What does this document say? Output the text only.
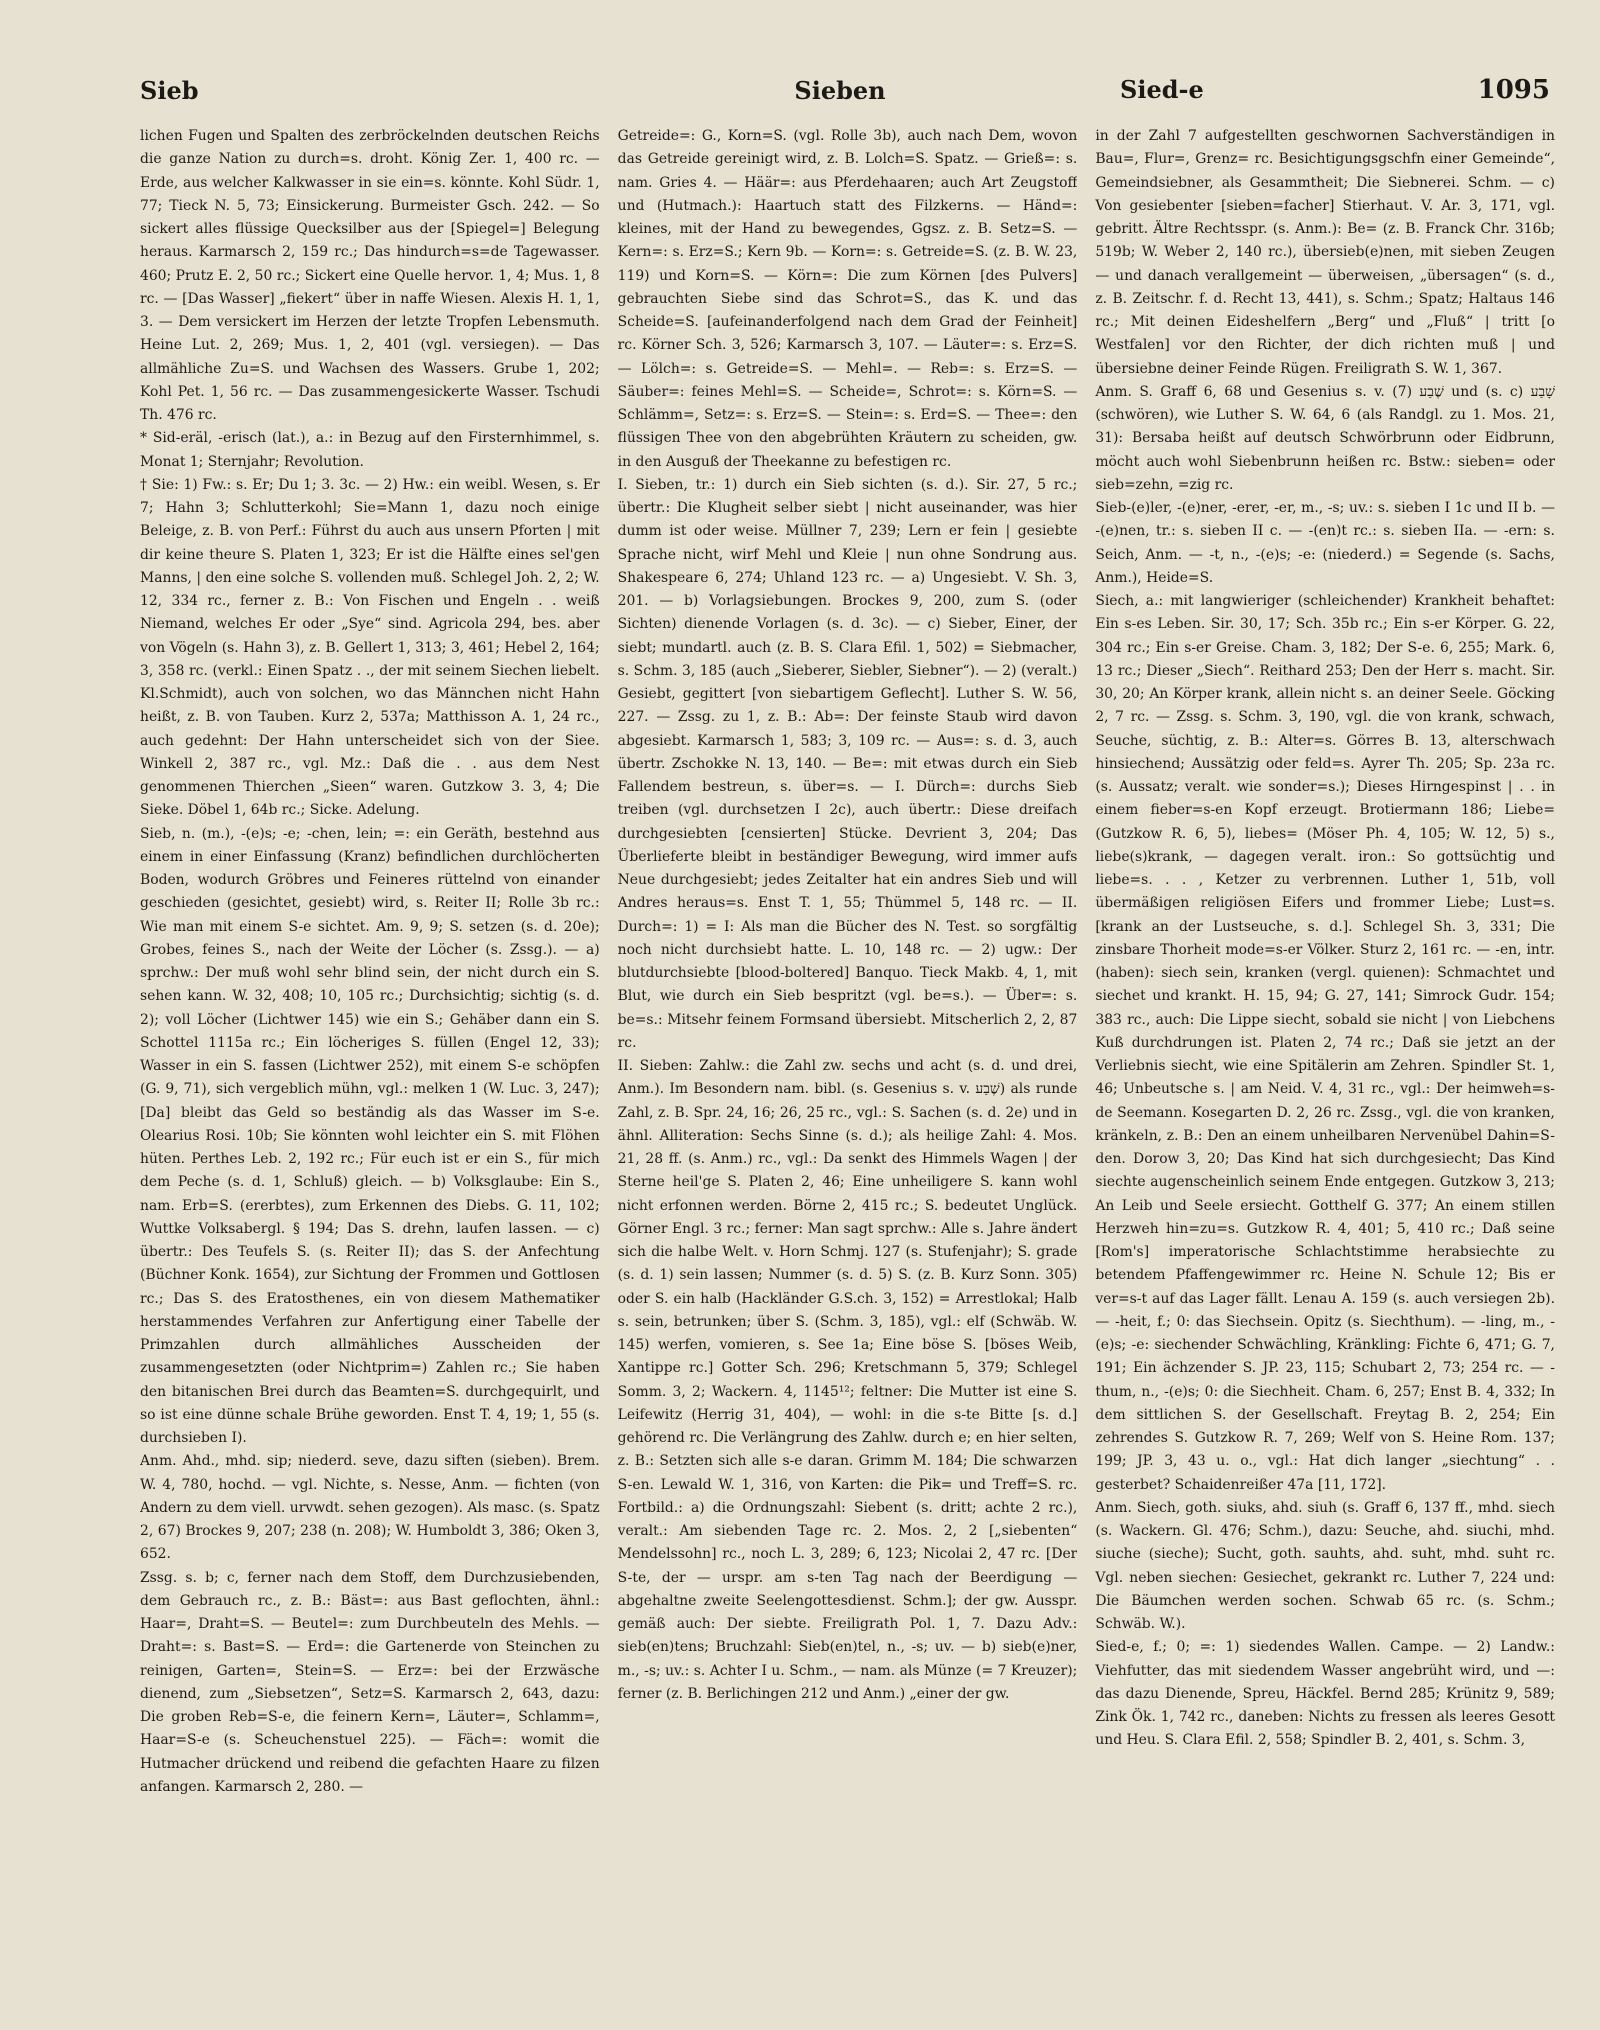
Sieb	Sieben	Sied-e	1095

lichen Fugen und Spalten des zerbröckelnden deutschen Reichs die ganze Nation zu durch=s. droht. König Zer. 1, 400 rc. — Erde, aus welcher Kalkwasser in sie ein=s. könnte. Kohl Südr. 1, 77; Tieck N. 5, 73; Einsickerung. Burmeister Gsch. 242. — So sickert alles flüssige Quecksilber aus der [Spiegel=] Belegung heraus. Karmarsch 2, 159 rc.; Das hindurch=s=de Tagewasser. 460; Prutz E. 2, 50 rc.; Sickert eine Quelle hervor. 1, 4; Mus. 1, 8 rc. — [Das Wasser] „fiekert“ über in naffe Wiesen. Alexis H. 1, 1, 3. — Dem versickert im Herzen der letzte Tropfen Lebensmuth. Heine Lut. 2, 269; Mus. 1, 2, 401 (vgl. versiegen). — Das allmähliche Zu=S. und Wachsen des Wassers. Grube 1, 202; Kohl Pet. 1, 56 rc. — Das zusammengesickerte Wasser. Tschudi Th. 476 rc.

* Sid-eräl, -erisch (lat.), a.: in Bezug auf den Firsternhimmel, s. Monat 1; Sternjahr; Revolution.

† Sie: 1) Fw.: s. Er; Du 1; 3. 3c. — 2) Hw.: ein weibl. Wesen, s. Er 7; Hahn 3; Schlutterkohl; Sie=Mann 1, dazu noch einige Beleige, z. B. von Perf.: Führst du auch aus unsern Pforten | mit dir keine theure S. Platen 1, 323; Er ist die Hälfte eines sel'gen Manns, | den eine solche S. vollenden muß. Schlegel Joh. 2, 2; W. 12, 334 rc., ferner z. B.: Von Fischen und Engeln . . weiß Niemand, welches Er oder „Sye“ sind. Agricola 294, bes. aber von Vögeln (s. Hahn 3), z. B. Gellert 1, 313; 3, 461; Hebel 2, 164; 3, 358 rc. (verkl.: Einen Spatz . ., der mit seinem Siechen liebelt. Kl.Schmidt), auch von solchen, wo das Männchen nicht Hahn heißt, z. B. von Tauben. Kurz 2, 537a; Matthisson A. 1, 24 rc., auch gedehnt: Der Hahn unterscheidet sich von der Siee. Winkell 2, 387 rc., vgl. Mz.: Daß die . . aus dem Nest genommenen Thierchen „Sieen“ waren. Gutzkow 3. 3, 4; Die Sieke. Döbel 1, 64b rc.; Sicke. Adelung.

Sieb, n. (m.), -(e)s; -e; -chen, lein; =: ein Geräth, bestehnd aus einem in einer Einfassung (Kranz) befindlichen durchlöcherten Boden, wodurch Gröbres und Feineres rüttelnd von einander geschieden (gesichtet, gesiebt) wird, s. Reiter II; Rolle 3b rc.: Wie man mit einem S-e sichtet. Am. 9, 9; S. setzen (s. d. 20e); Grobes, feines S., nach der Weite der Löcher (s. Zssg.). — a) sprchw.: Der muß wohl sehr blind sein, der nicht durch ein S. sehen kann. W. 32, 408; 10, 105 rc.; Durchsichtig; sichtig (s. d. 2); voll Löcher (Lichtwer 145) wie ein S.; Gehäber dann ein S. Schottel 1115a rc.; Ein löcheriges S. füllen (Engel 12, 33); Wasser in ein S. fassen (Lichtwer 252), mit einem S-e schöpfen (G. 9, 71), sich vergeblich mühn, vgl.: melken 1 (W. Luc. 3, 247); [Da] bleibt das Geld so beständig als das Wasser im S-e. Olearius Rosi. 10b; Sie könnten wohl leichter ein S. mit Flöhen hüten. Perthes Leb. 2, 192 rc.; Für euch ist er ein S., für mich dem Peche (s. d. 1, Schluß) gleich. — b) Volksglaube: Ein S., nam. Erb=S. (ererbtes), zum Erkennen des Diebs. G. 11, 102; Wuttke Volksabergl. § 194; Das S. drehn, laufen lassen. — c) übertr.: Des Teufels S. (s. Reiter II); das S. der Anfechtung (Büchner Konk. 1654), zur Sichtung der Frommen und Gottlosen rc.; Das S. des Eratosthenes, ein von diesem Mathematiker herstammendes Verfahren zur Anfertigung einer Tabelle der Primzahlen durch allmähliches Ausscheiden der zusammengesetzten (oder Nichtprim=) Zahlen rc.; Sie haben den bitanischen Brei durch das Beamten=S. durchgequirlt, und so ist eine dünne schale Brühe geworden. Enst T. 4, 19; 1, 55 (s. durchsieben I).

Anm. Ahd., mhd. sip; niederd. seve, dazu siften (sieben). Brem. W. 4, 780, hochd. — vgl. Nichte, s. Nesse, Anm. — fichten (von Andern zu dem viell. urvwdt. sehen gezogen). Als masc. (s. Spatz 2, 67) Brockes 9, 207; 238 (n. 208); W. Humboldt 3, 386; Oken 3, 652.

Zssg. s. b; c, ferner nach dem Stoff, dem Durchzusiebenden, dem Gebrauch rc., z. B.: Bäst=: aus Bast geflochten, ähnl.: Haar=, Draht=S. — Beutel=: zum Durchbeuteln des Mehls. — Draht=: s. Bast=S. — Erd=: die Gartenerde von Steinchen zu reinigen, Garten=, Stein=S. — Erz=: bei der Erzwäsche dienend, zum „Siebsetzen“, Setz=S. Karmarsch 2, 643, dazu: Die groben Reb=S-e, die feinern Kern=, Läuter=, Schlamm=, Haar=S-e (s. Scheuchenstuel 225). — Fäch=: womit die Hutmacher drückend und reibend die gefachten Haare zu filzen anfangen. Karmarsch 2, 280. —

Getreide=: G., Korn=S. (vgl. Rolle 3b), auch nach Dem, wovon das Getreide gereinigt wird, z. B. Lolch=S. Spatz. — Grieß=: s. nam. Gries 4. — Häär=: aus Pferdehaaren; auch Art Zeugstoff und (Hutmach.): Haartuch statt des Filzkerns. — Händ=: kleines, mit der Hand zu bewegendes, Ggsz. z. B. Setz=S. — Kern=: s. Erz=S.; Kern 9b. — Korn=: s. Getreide=S. (z. B. W. 23, 119) und Korn=S. — Körn=: Die zum Körnen [des Pulvers] gebrauchten Siebe sind das Schrot=S., das K. und das Scheide=S. [aufeinanderfolgend nach dem Grad der Feinheit] rc. Körner Sch. 3, 526; Karmarsch 3, 107. — Läuter=: s. Erz=S. — Lölch=: s. Getreide=S. — Mehl=. — Reb=: s. Erz=S. — Säuber=: feines Mehl=S. — Scheide=, Schrot=: s. Körn=S. — Schlämm=, Setz=: s. Erz=S. — Stein=: s. Erd=S. — Thee=: den flüssigen Thee von den abgebrühten Kräutern zu scheiden, gw. in den Ausguß der Theekanne zu befestigen rc.

I. Sieben, tr.: 1) durch ein Sieb sichten (s. d.). Sir. 27, 5 rc.; übertr.: Die Klugheit selber siebt | nicht auseinander, was hier dumm ist oder weise. Müllner 7, 239; Lern er fein | gesiebte Sprache nicht, wirf Mehl und Kleie | nun ohne Sondrung aus. Shakespeare 6, 274; Uhland 123 rc. — a) Ungesiebt. V. Sh. 3, 201. — b) Vorlagsiebungen. Brockes 9, 200, zum S. (oder Sichten) dienende Vorlagen (s. d. 3c). — c) Sieber, Einer, der siebt; mundartl. auch (z. B. S. Clara Efil. 1, 502) = Siebmacher, s. Schm. 3, 185 (auch „Sieberer, Siebler, Siebner“). — 2) (veralt.) Gesiebt, gegittert [von siebartigem Geflecht]. Luther S. W. 56, 227. — Zssg. zu 1, z. B.: Ab=: Der feinste Staub wird davon abgesiebt. Karmarsch 1, 583; 3, 109 rc. — Aus=: s. d. 3, auch übertr. Zschokke N. 13, 140. — Be=: mit etwas durch ein Sieb Fallendem bestreun, s. über=s. — I. Dürch=: durchs Sieb treiben (vgl. durchsetzen I 2c), auch übertr.: Diese dreifach durchgesiebten [censierten] Stücke. Devrient 3, 204; Das Überlieferte bleibt in beständiger Bewegung, wird immer aufs Neue durchgesiebt; jedes Zeitalter hat ein andres Sieb und will Andres heraus=s. Enst T. 1, 55; Thümmel 5, 148 rc. — II. Durch=: 1) = I: Als man die Bücher des N. Test. so sorgfältig noch nicht durchsiebt hatte. L. 10, 148 rc. — 2) ugw.: Der blutdurchsiebte [blood-boltered] Banquo. Tieck Makb. 4, 1, mit Blut, wie durch ein Sieb bespritzt (vgl. be=s.). — Über=: s. be=s.: Mitsehr feinem Formsand übersiebt. Mitscherlich 2, 2, 87 rc.

II. Sieben: Zahlw.: die Zahl zw. sechs und acht (s. d. und drei, Anm.). Im Besondern nam. bibl. (s. Gesenius s. v. שֶׁבַע) als runde Zahl, z. B. Spr. 24, 16; 26, 25 rc., vgl.: S. Sachen (s. d. 2e) und in ähnl. Alliteration: Sechs Sinne (s. d.); als heilige Zahl: 4. Mos. 21, 28 ff. (s. Anm.) rc., vgl.: Da senkt des Himmels Wagen | der Sterne heil'ge S. Platen 2, 46; Eine unheiligere S. kann wohl nicht erfonnen werden. Börne 2, 415 rc.; S. bedeutet Unglück. Görner Engl. 3 rc.; ferner: Man sagt sprchw.: Alle s. Jahre ändert sich die halbe Welt. v. Horn Schmj. 127 (s. Stufenjahr); S. grade (s. d. 1) sein lassen; Nummer (s. d. 5) S. (z. B. Kurz Sonn. 305) oder S. ein halb (Hackländer G.S.ch. 3, 152) = Arrestlokal; Halb s. sein, betrunken; über S. (Schm. 3, 185), vgl.: elf (Schwäb. W. 145) werfen, vomieren, s. See 1a; Eine böse S. [böses Weib, Xantippe rc.] Gotter Sch. 296; Kretschmann 5, 379; Schlegel Somm. 3, 2; Wackern. 4, 1145¹²; feltner: Die Mutter ist eine S. Leifewitz (Herrig 31, 404), — wohl: in die s-te Bitte [s. d.] gehörend rc. Die Verlängrung des Zahlw. durch e; en hier selten, z. B.: Setzten sich alle s-e daran. Grimm M. 184; Die schwarzen S-en. Lewald W. 1, 316, von Karten: die Pik= und Treff=S. rc. Fortbild.: a) die Ordnungszahl: Siebent (s. dritt; achte 2 rc.), veralt.: Am siebenden Tage rc. 2. Mos. 2, 2 [„siebenten“ Mendelssohn] rc., noch L. 3, 289; 6, 123; Nicolai 2, 47 rc. [Der S-te, der — urspr. am s-ten Tag nach der Beerdigung — abgehaltne zweite Seelengottesdienst. Schm.]; der gw. Ausspr. gemäß auch: Der siebte. Freiligrath Pol. 1, 7. Dazu Adv.: sieb(en)tens; Bruchzahl: Sieb(en)tel, n., -s; uv. — b) sieb(e)ner, m., -s; uv.: s. Achter I u. Schm., — nam. als Münze (= 7 Kreuzer); ferner (z. B. Berlichingen 212 und Anm.) „einer der gw.

in der Zahl 7 aufgestellten geschwornen Sachverständigen in Bau=, Flur=, Grenz= rc. Besichtigungsgschfn einer Gemeinde“, Gemeindsiebner, als Gesammtheit; Die Siebnerei. Schm. — c) Von gesiebenter [sieben=facher] Stierhaut. V. Ar. 3, 171, vgl. gebritt. Ältre Rechtsspr. (s. Anm.): Be= (z. B. Franck Chr. 316b; 519b; W. Weber 2, 140 rc.), übersieb(e)nen, mit sieben Zeugen — und danach verallgemeint — überweisen, „übersagen“ (s. d., z. B. Zeitschr. f. d. Recht 13, 441), s. Schm.; Spatz; Haltaus 146 rc.; Mit deinen Eideshelfern „Berg“ und „Fluß“ | tritt [o Westfalen] vor den Richter, der dich richten muß | und übersiebne deiner Feinde Rügen. Freiligrath S. W. 1, 367.

Anm. S. Graff 6, 68 und Gesenius s. v. שֶׁבַע (7) und (s. c) שָׁבַע (schwören), wie Luther S. W. 64, 6 (als Randgl. zu 1. Mos. 21, 31): Bersaba heißt auf deutsch Schwörbrunn oder Eidbrunn, möcht auch wohl Siebenbrunn heißen rc. Bstw.: sieben= oder sieb=zehn, =zig rc.

Sieb-(e)ler, -(e)ner, -erer, -er, m., -s; uv.: s. sieben I 1c und II b. — -(e)nen, tr.: s. sieben II c. — -(en)t rc.: s. sieben IIa. — -ern: s. Seich, Anm. — -t, n., -(e)s; -e: (niederd.) = Segende (s. Sachs, Anm.), Heide=S.

Siech, a.: mit langwieriger (schleichender) Krankheit behaftet: Ein s-es Leben. Sir. 30, 17; Sch. 35b rc.; Ein s-er Körper. G. 22, 304 rc.; Ein s-er Greise. Cham. 3, 182; Der S-e. 6, 255; Mark. 6, 13 rc.; Dieser „Siech“. Reithard 253; Den der Herr s. macht. Sir. 30, 20; An Körper krank, allein nicht s. an deiner Seele. Göcking 2, 7 rc. — Zssg. s. Schm. 3, 190, vgl. die von krank, schwach, Seuche, süchtig, z. B.: Alter=s. Görres B. 13, alterschwach hinsiechend; Aussätzig oder feld=s. Ayrer Th. 205; Sp. 23a rc. (s. Aussatz; veralt. wie sonder=s.); Dieses Hirngespinst | . . in einem fieber=s-en Kopf erzeugt. Brotiermann 186; Liebe= (Gutzkow R. 6, 5), liebes= (Möser Ph. 4, 105; W. 12, 5) s., liebe(s)krank, — dagegen veralt. iron.: So gottsüchtig und liebe=s. . . , Ketzer zu verbrennen. Luther 1, 51b, voll übermäßigen religiösen Eifers und frommer Liebe; Lust=s. [krank an der Lustseuche, s. d.]. Schlegel Sh. 3, 331; Die zinsbare Thorheit mode=s-er Völker. Sturz 2, 161 rc. — -en, intr. (haben): siech sein, kranken (vergl. quienen): Schmachtet und siechet und krankt. H. 15, 94; G. 27, 141; Simrock Gudr. 154; 383 rc., auch: Die Lippe siecht, sobald sie nicht | von Liebchens Kuß durchdrungen ist. Platen 2, 74 rc.; Daß sie jetzt an der Verliebnis siecht, wie eine Spitälerin am Zehren. Spindler St. 1, 46; Unbeutsche s. | am Neid. V. 4, 31 rc., vgl.: Der heimweh=s-de Seemann. Kosegarten D. 2, 26 rc. Zssg., vgl. die von kranken, kränkeln, z. B.: Den an einem unheilbaren Nervenübel Dahin=S-den. Dorow 3, 20; Das Kind hat sich durchgesiecht; Das Kind siechte augenscheinlich seinem Ende entgegen. Gutzkow 3, 213; An Leib und Seele ersiecht. Gotthelf G. 377; An einem stillen Herzweh hin=zu=s. Gutzkow R. 4, 401; 5, 410 rc.; Daß seine [Rom's] imperatorische Schlachtstimme herabsiechte zu betendem Pfaffengewimmer rc. Heine N. Schule 12; Bis er ver=s-t auf das Lager fällt. Lenau A. 159 (s. auch versiegen 2b). — -heit, f.; 0: das Siechsein. Opitz (s. Siechthum). — -ling, m., -(e)s; -e: siechender Schwächling, Kränkling: Fichte 6, 471; G. 7, 191; Ein ächzender S. JP. 23, 115; Schubart 2, 73; 254 rc. — -thum, n., -(e)s; 0: die Siechheit. Cham. 6, 257; Enst B. 4, 332; In dem sittlichen S. der Gesellschaft. Freytag B. 2, 254; Ein zehrendes S. Gutzkow R. 7, 269; Welf von S. Heine Rom. 137; 199; JP. 3, 43 u. o., vgl.: Hat dich langer „siechtung“ . . gesterbet? Schaidenreißer 47a [11, 172].

Anm. Siech, goth. siuks, ahd. siuh (s. Graff 6, 137 ff., mhd. siech (s. Wackern. Gl. 476; Schm.), dazu: Seuche, ahd. siuchi, mhd. siuche (sieche); Sucht, goth. sauhts, ahd. suht, mhd. suht rc. Vgl. neben siechen: Gesiechet, gekrankt rc. Luther 7, 224 und: Die Bäumchen werden sochen. Schwab 65 rc. (s. Schm.; Schwäb. W.).

Sied-e, f.; 0; =: 1) siedendes Wallen. Campe. — 2) Landw.: Viehfutter, das mit siedendem Wasser angebrüht wird, und —: das dazu Dienende, Spreu, Häckfel. Bernd 285; Krünitz 9, 589; Zink Ök. 1, 742 rc., daneben: Nichts zu fressen als leeres Gesott und Heu. S. Clara Efil. 2, 558; Spindler B. 2, 401, s. Schm. 3,
